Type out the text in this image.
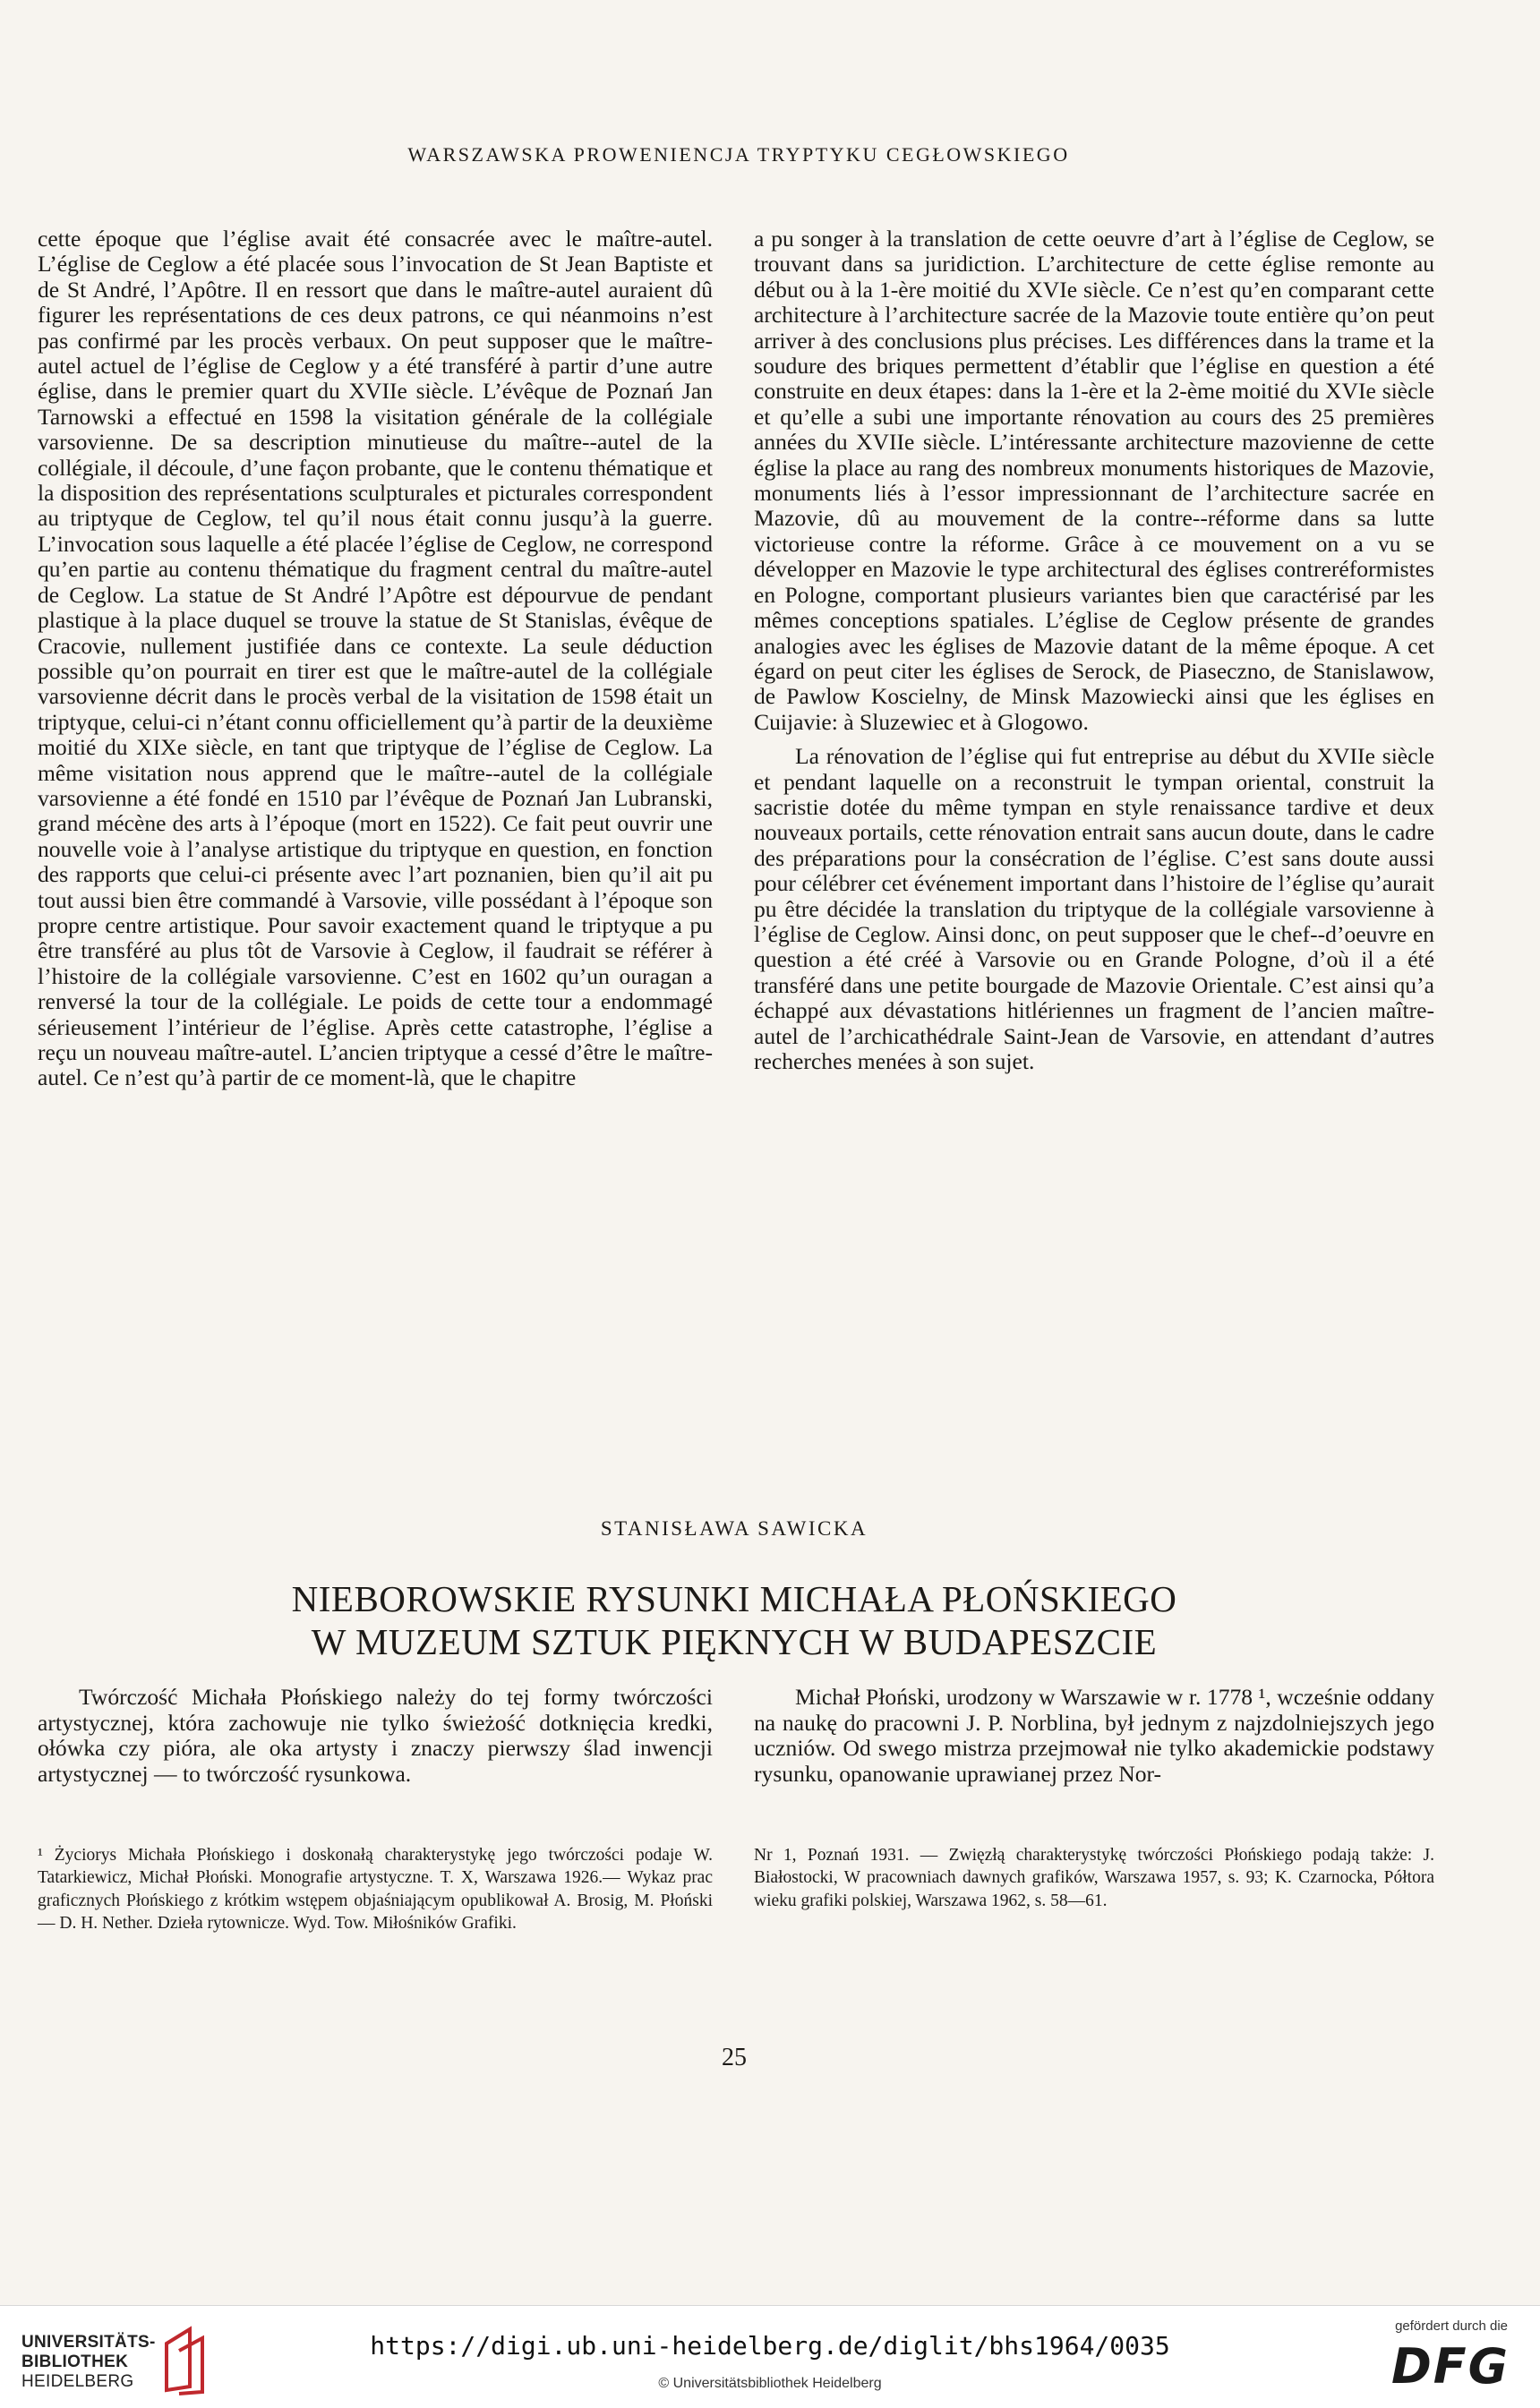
WARSZAWSKA PROWENIENCJA TRYPTYKU CEGŁOWSKIEGO

cette époque que l’église avait été consacrée avec le maître-autel. L’église de Ceglow a été placée sous l’invocation de St Jean Baptiste et de St André, l’Apôtre. Il en ressort que dans le maître-autel auraient dû figurer les représentations de ces deux patrons, ce qui néanmoins n’est pas confirmé par les procès verbaux. On peut supposer que le maître-autel actuel de l’église de Ceglow y a été transféré à partir d’une autre église, dans le premier quart du XVIIe siècle. L’évêque de Poznań Jan Tarnowski a effectué en 1598 la visitation générale de la collégiale varsovienne. De sa description minutieuse du maître--autel de la collégiale, il découle, d’une façon probante, que le contenu thématique et la disposition des représentations sculpturales et picturales correspondent au triptyque de Ceglow, tel qu’il nous était connu jusqu’à la guerre. L’invocation sous laquelle a été placée l’église de Ceglow, ne correspond qu’en partie au contenu thématique du fragment central du maître-autel de Ceglow. La statue de St André l’Apôtre est dépourvue de pendant plastique à la place duquel se trouve la statue de St Stanislas, évêque de Cracovie, nullement justifiée dans ce contexte. La seule déduction possible qu’on pourrait en tirer est que le maître-autel de la collégiale varsovienne décrit dans le procès verbal de la visitation de 1598 était un triptyque, celui-ci n’étant connu officiellement qu’à partir de la deuxième moitié du XIXe siècle, en tant que triptyque de l’église de Ceglow. La même visitation nous apprend que le maître--autel de la collégiale varsovienne a été fondé en 1510 par l’évêque de Poznań Jan Lubranski, grand mécène des arts à l’époque (mort en 1522). Ce fait peut ouvrir une nouvelle voie à l’analyse artistique du triptyque en question, en fonction des rapports que celui-ci présente avec l’art poznanien, bien qu’il ait pu tout aussi bien être commandé à Varsovie, ville possédant à l’époque son propre centre artistique. Pour savoir exactement quand le triptyque a pu être transféré au plus tôt de Varsovie à Ceglow, il faudrait se référer à l’histoire de la collégiale varsovienne. C’est en 1602 qu’un ouragan a renversé la tour de la collégiale. Le poids de cette tour a endommagé sérieusement l’intérieur de l’église. Après cette catastrophe, l’église a reçu un nouveau maître-autel. L’ancien triptyque a cessé d’être le maître-autel. Ce n’est qu’à partir de ce moment-là, que le chapitre

a pu songer à la translation de cette oeuvre d’art à l’église de Ceglow, se trouvant dans sa juridiction. L’architecture de cette église remonte au début ou à la 1-ère moitié du XVIe siècle. Ce n’est qu’en comparant cette architecture à l’architecture sacrée de la Mazovie toute entière qu’on peut arriver à des conclusions plus précises. Les différences dans la trame et la soudure des briques permettent d’établir que l’église en question a été construite en deux étapes: dans la 1-ère et la 2-ème moitié du XVIe siècle et qu’elle a subi une importante rénovation au cours des 25 premières années du XVIIe siècle. L’intéressante architecture mazovienne de cette église la place au rang des nombreux monuments historiques de Mazovie, monuments liés à l’essor impressionnant de l’architecture sacrée en Mazovie, dû au mouvement de la contre--réforme dans sa lutte victorieuse contre la réforme. Grâce à ce mouvement on a vu se développer en Mazovie le type architectural des églises contreréformistes en Pologne, comportant plusieurs variantes bien que caractérisé par les mêmes conceptions spatiales. L’église de Ceglow présente de grandes analogies avec les églises de Mazovie datant de la même époque. A cet égard on peut citer les églises de Serock, de Piaseczno, de Stanislawow, de Pawlow Koscielny, de Minsk Mazowiecki ainsi que les églises en Cuijavie: à Sluzewiec et à Glogowo.

La rénovation de l’église qui fut entreprise au début du XVIIe siècle et pendant laquelle on a reconstruit le tympan oriental, construit la sacristie dotée du même tympan en style renaissance tardive et deux nouveaux portails, cette rénovation entrait sans aucun doute, dans le cadre des préparations pour la consécration de l’église. C’est sans doute aussi pour célébrer cet événement important dans l’histoire de l’église qu’aurait pu être décidée la translation du triptyque de la collégiale varsovienne à l’église de Ceglow. Ainsi donc, on peut supposer que le chef--d’oeuvre en question a été créé à Varsovie ou en Grande Pologne, d’où il a été transféré dans une petite bourgade de Mazovie Orientale. C’est ainsi qu’a échappé aux dévastations hitlériennes un fragment de l’ancien maître-autel de l’archicathédrale Saint-Jean de Varsovie, en attendant d’autres recherches menées à son sujet.

STANISŁAWA SAWICKA
NIEBOROWSKIE RYSUNKI MICHAŁA PŁOŃSKIEGO
W MUZEUM SZTUK PIĘKNYCH W BUDAPESZCIE

Twórczość Michała Płońskiego należy do tej formy twórczości artystycznej, która zachowuje nie tylko świeżość dotknięcia kredki, ołówka czy pióra, ale oka artysty i znaczy pierwszy ślad inwencji artystycznej — to twórczość rysunkowa.

Michał Płoński, urodzony w Warszawie w r. 1778 ¹, wcześnie oddany na naukę do pracowni J. P. Norblina, był jednym z najzdolniejszych jego uczniów. Od swego mistrza przejmował nie tylko akademickie podstawy rysunku, opanowanie uprawianej przez Nor-

¹ Życiorys Michała Płońskiego i doskonałą charakterystykę jego twórczości podaje W. Tatarkiewicz, Michał Płoński. Monografie artystyczne. T. X, Warszawa 1926.— Wykaz prac graficznych Płońskiego z krótkim wstępem objaśniającym opublikował A. Brosig, M. Płoński — D. H. Nether. Dzieła rytownicze. Wyd. Tow. Miłośników Grafiki.

Nr 1, Poznań 1931. — Zwięzłą charakterystykę twórczości Płońskiego podają także: J. Białostocki, W pracowniach dawnych grafików, Warszawa 1957, s. 93; K. Czarnocka, Półtora wieku grafiki polskiej, Warszawa 1962, s. 58—61.

25
UNIVERSITÄTS-
BIBLIOTHEK
HEIDELBERG
https://digi.ub.uni-heidelberg.de/diglit/bhs1964/0035
© Universitätsbibliothek Heidelberg
gefördert durch die
DFG
